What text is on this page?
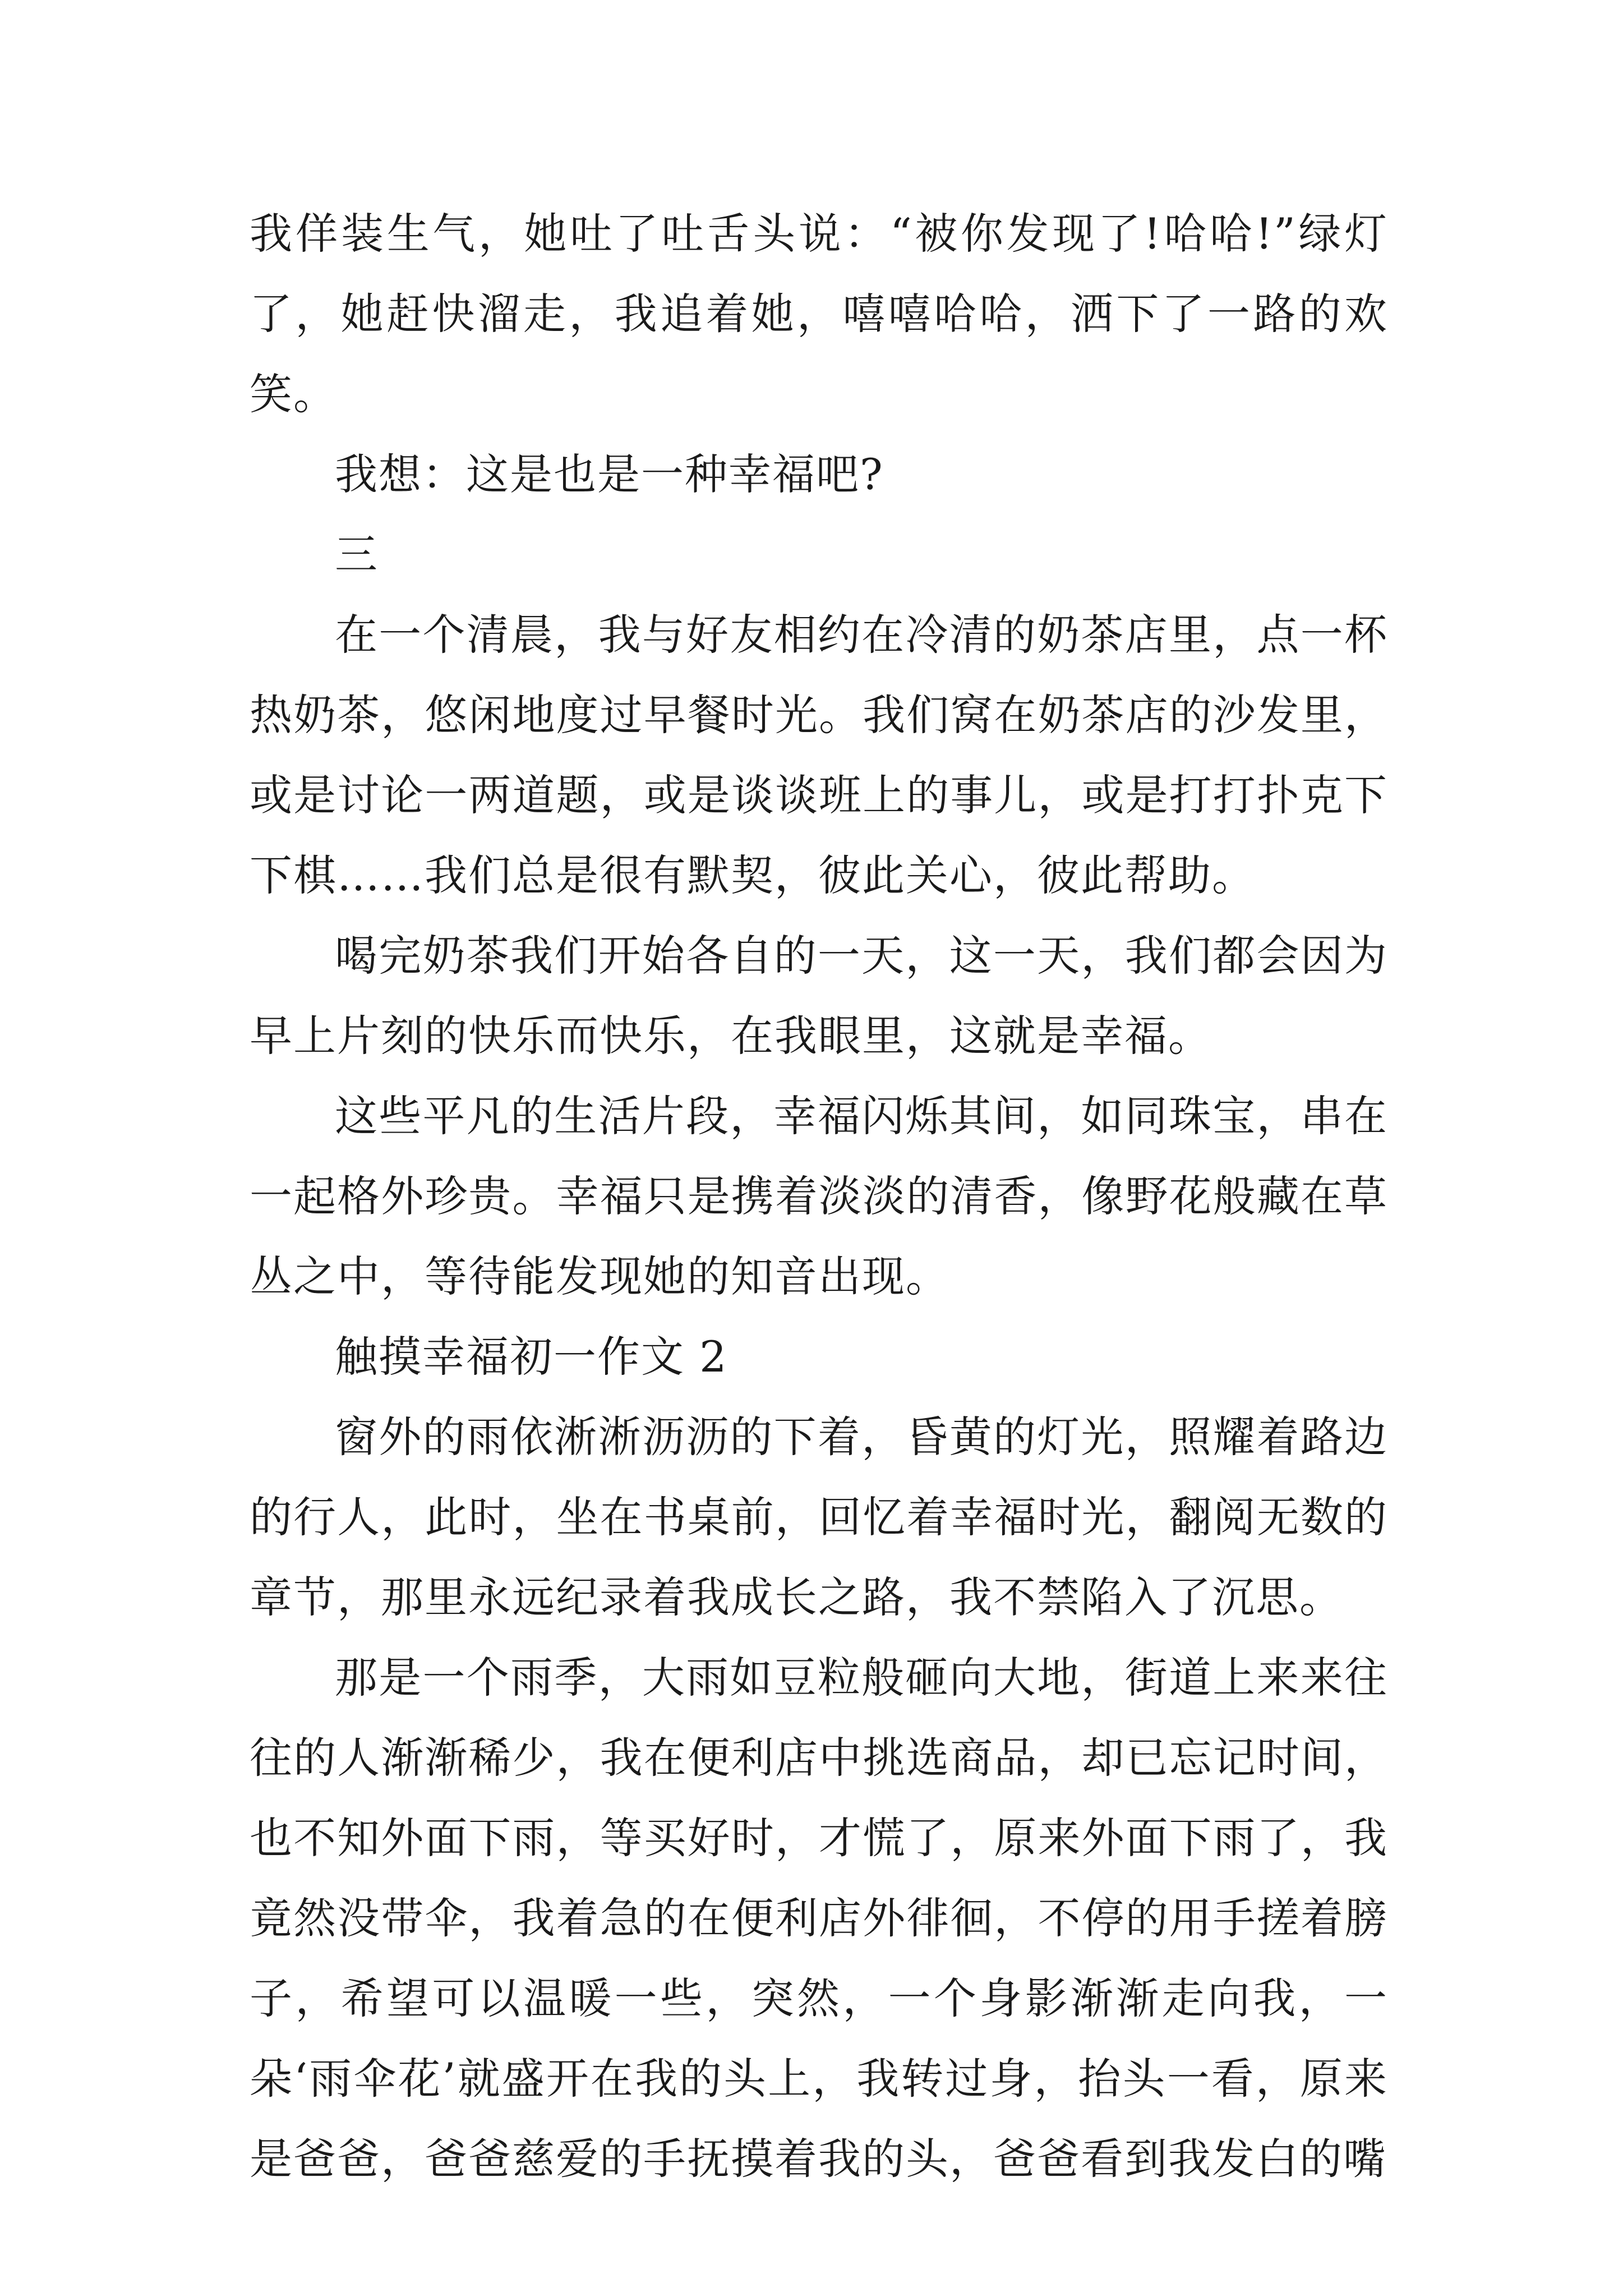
我佯装生气，她吐了吐舌头说：“被你发现了!哈哈!”绿灯了，她赶快溜走，我追着她，嘻嘻哈哈，洒下了一路的欢笑。

我想：这是也是一种幸福吧?

三

在一个清晨，我与好友相约在冷清的奶茶店里，点一杯热奶茶，悠闲地度过早餐时光。我们窝在奶茶店的沙发里，或是讨论一两道题，或是谈谈班上的事儿，或是打打扑克下下棋……我们总是很有默契，彼此关心，彼此帮助。

喝完奶茶我们开始各自的一天，这一天，我们都会因为早上片刻的快乐而快乐，在我眼里，这就是幸福。

这些平凡的生活片段，幸福闪烁其间，如同珠宝，串在一起格外珍贵。幸福只是携着淡淡的清香，像野花般藏在草丛之中，等待能发现她的知音出现。

触摸幸福初一作文 2

窗外的雨依淅淅沥沥的下着，昏黄的灯光，照耀着路边的行人，此时，坐在书桌前，回忆着幸福时光，翻阅无数的章节，那里永远纪录着我成长之路，我不禁陷入了沉思。

那是一个雨季，大雨如豆粒般砸向大地，街道上来来往往的人渐渐稀少，我在便利店中挑选商品，却已忘记时间，也不知外面下雨，等买好时，才慌了，原来外面下雨了，我竟然没带伞，我着急的在便利店外徘徊，不停的用手搓着膀子，希望可以温暖一些，突然，一个身影渐渐走向我，一朵‘雨伞花’就盛开在我的头上，我转过身，抬头一看，原来是爸爸，爸爸慈爱的手抚摸着我的头，爸爸看到我发白的嘴
